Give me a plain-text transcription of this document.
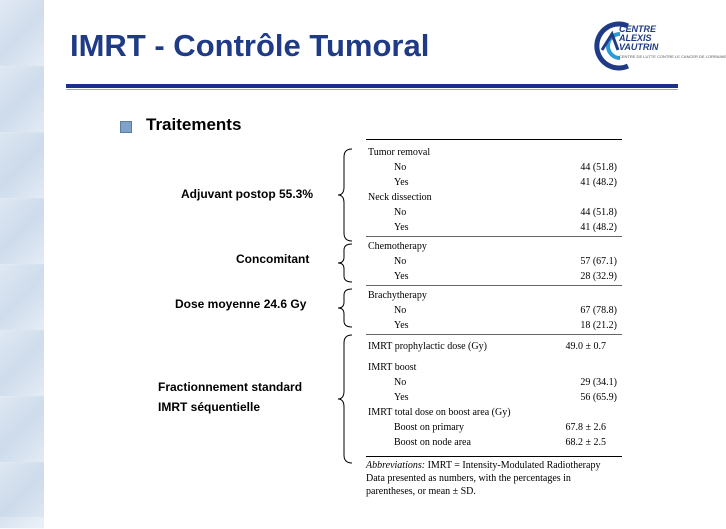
IMRT - Contrôle Tumoral	CENTRE
ALEXIS
VAUTRIN
CENTRE DE LUTTE CONTRE LE CANCER DE LORRAINE
Traitements
Adjuvant postop 55.3%
Concomitant
Dose moyenne 24.6 Gy
Fractionnement standard
IMRT séquentielle
Tumor removal
No	44 (51.8)
Yes	41 (48.2)
Neck dissection
No	44 (51.8)
Yes	41 (48.2)
Chemotherapy
No	57 (67.1)
Yes	28 (32.9)
Brachytherapy
No	67 (78.8)
Yes	18 (21.2)
IMRT prophylactic dose (Gy)	49.0 ± 0.7
IMRT boost
No	29 (34.1)
Yes	56 (65.9)
IMRT total dose on boost area (Gy)
Boost on primary	67.8 ± 2.6
Boost on node area	68.2 ± 2.5
Abbreviations: IMRT = Intensity-Modulated Radiotherapy
Data presented as numbers, with the percentages in
parentheses, or mean ± SD.
